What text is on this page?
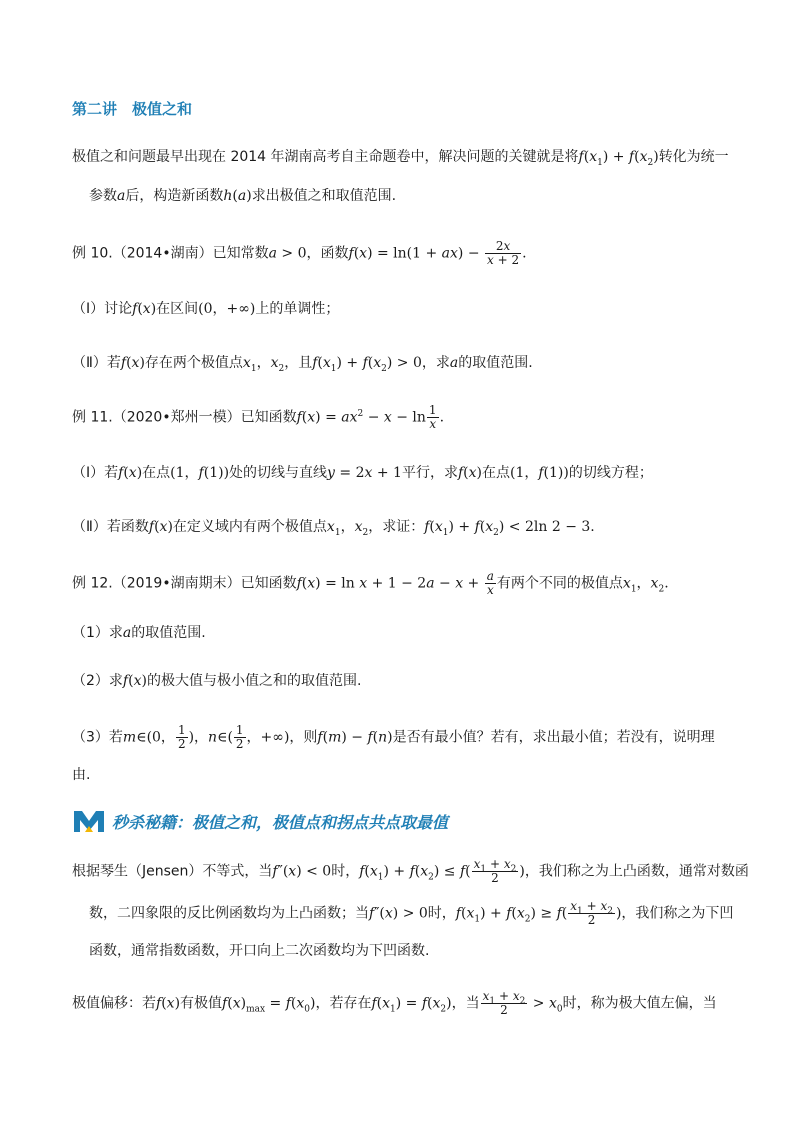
第二讲　极值之和
极值之和问题最早出现在 2014 年湖南高考自主命题卷中，解决问题的关键就是将$f(x_1) + f(x_2)$转化为统一
参数a后，构造新函数h(a)求出极值之和取值范围.
例 10.（2014•湖南）已知常数a > 0，函数$f(x) = \ln(1 + ax) - \frac{2x}{x + 2}$ .
（Ⅰ）讨论f(x)在区间(0，+∞)上的单调性；
（Ⅱ）若f(x)存在两个极值点$x_1$，$x_2$，且$f(x_1) + f(x_2) > 0$，求a的取值范围.
例 11.（2020•郑州一模）已知函数$f(x) = ax^2 - x - \ln \frac{1}{x}$ .
（Ⅰ）若f(x)在点(1，f(1))处的切线与直线y = 2x + 1平行，求f(x)在点(1，f(1))的切线方程；
（Ⅱ）若函数f(x)在定义域内有两个极值点$x_1$，$x_2$，求证：$f(x_1) + f(x_2) < 2\ln$ 2 − 3.
例 12.（2019•湖南期末）已知函数$f(x) = \ln x + 1 - 2a - x + \frac{a}{x}$ 有两个不同的极值点$x_1$，$x_2$.
（1）求a的取值范围.
（2）求f(x)的极大值与极小值之和的取值范围.
（3）若m∈(0， $\frac{1}{2}$ )，n∈( $\frac{1}{2}$ ，+∞)，则f(m) − f(n)是否有最小值？若有，求出最小值；若没有，说明理
由.
秒杀秘籍：极值之和，极值点和拐点共点取最值
根据琴生（Jensen）不等式，当f″(x) < 0时，$f(x_1) + f(x_2) \le f( \frac{x_1 + x_2}{2}$ )，我们称之为上凸函数，通常对数函
数，二四象限的反比例函数均为上凸函数；当f″(x) > 0时，$f(x_1) + f(x_2) \ge f( \frac{x_1 + x_2}{2}$ )，我们称之为下凹
函数，通常指数函数，开口向上二次函数均为下凹函数.
极值偏移：若f(x)有极值$f(x)_{max} = f(x_0)$，若存在$f(x_1) = f(x_2)$，当 $\frac{x_1 + x_2}{2} > x_0$时，称为极大值左偏，当
